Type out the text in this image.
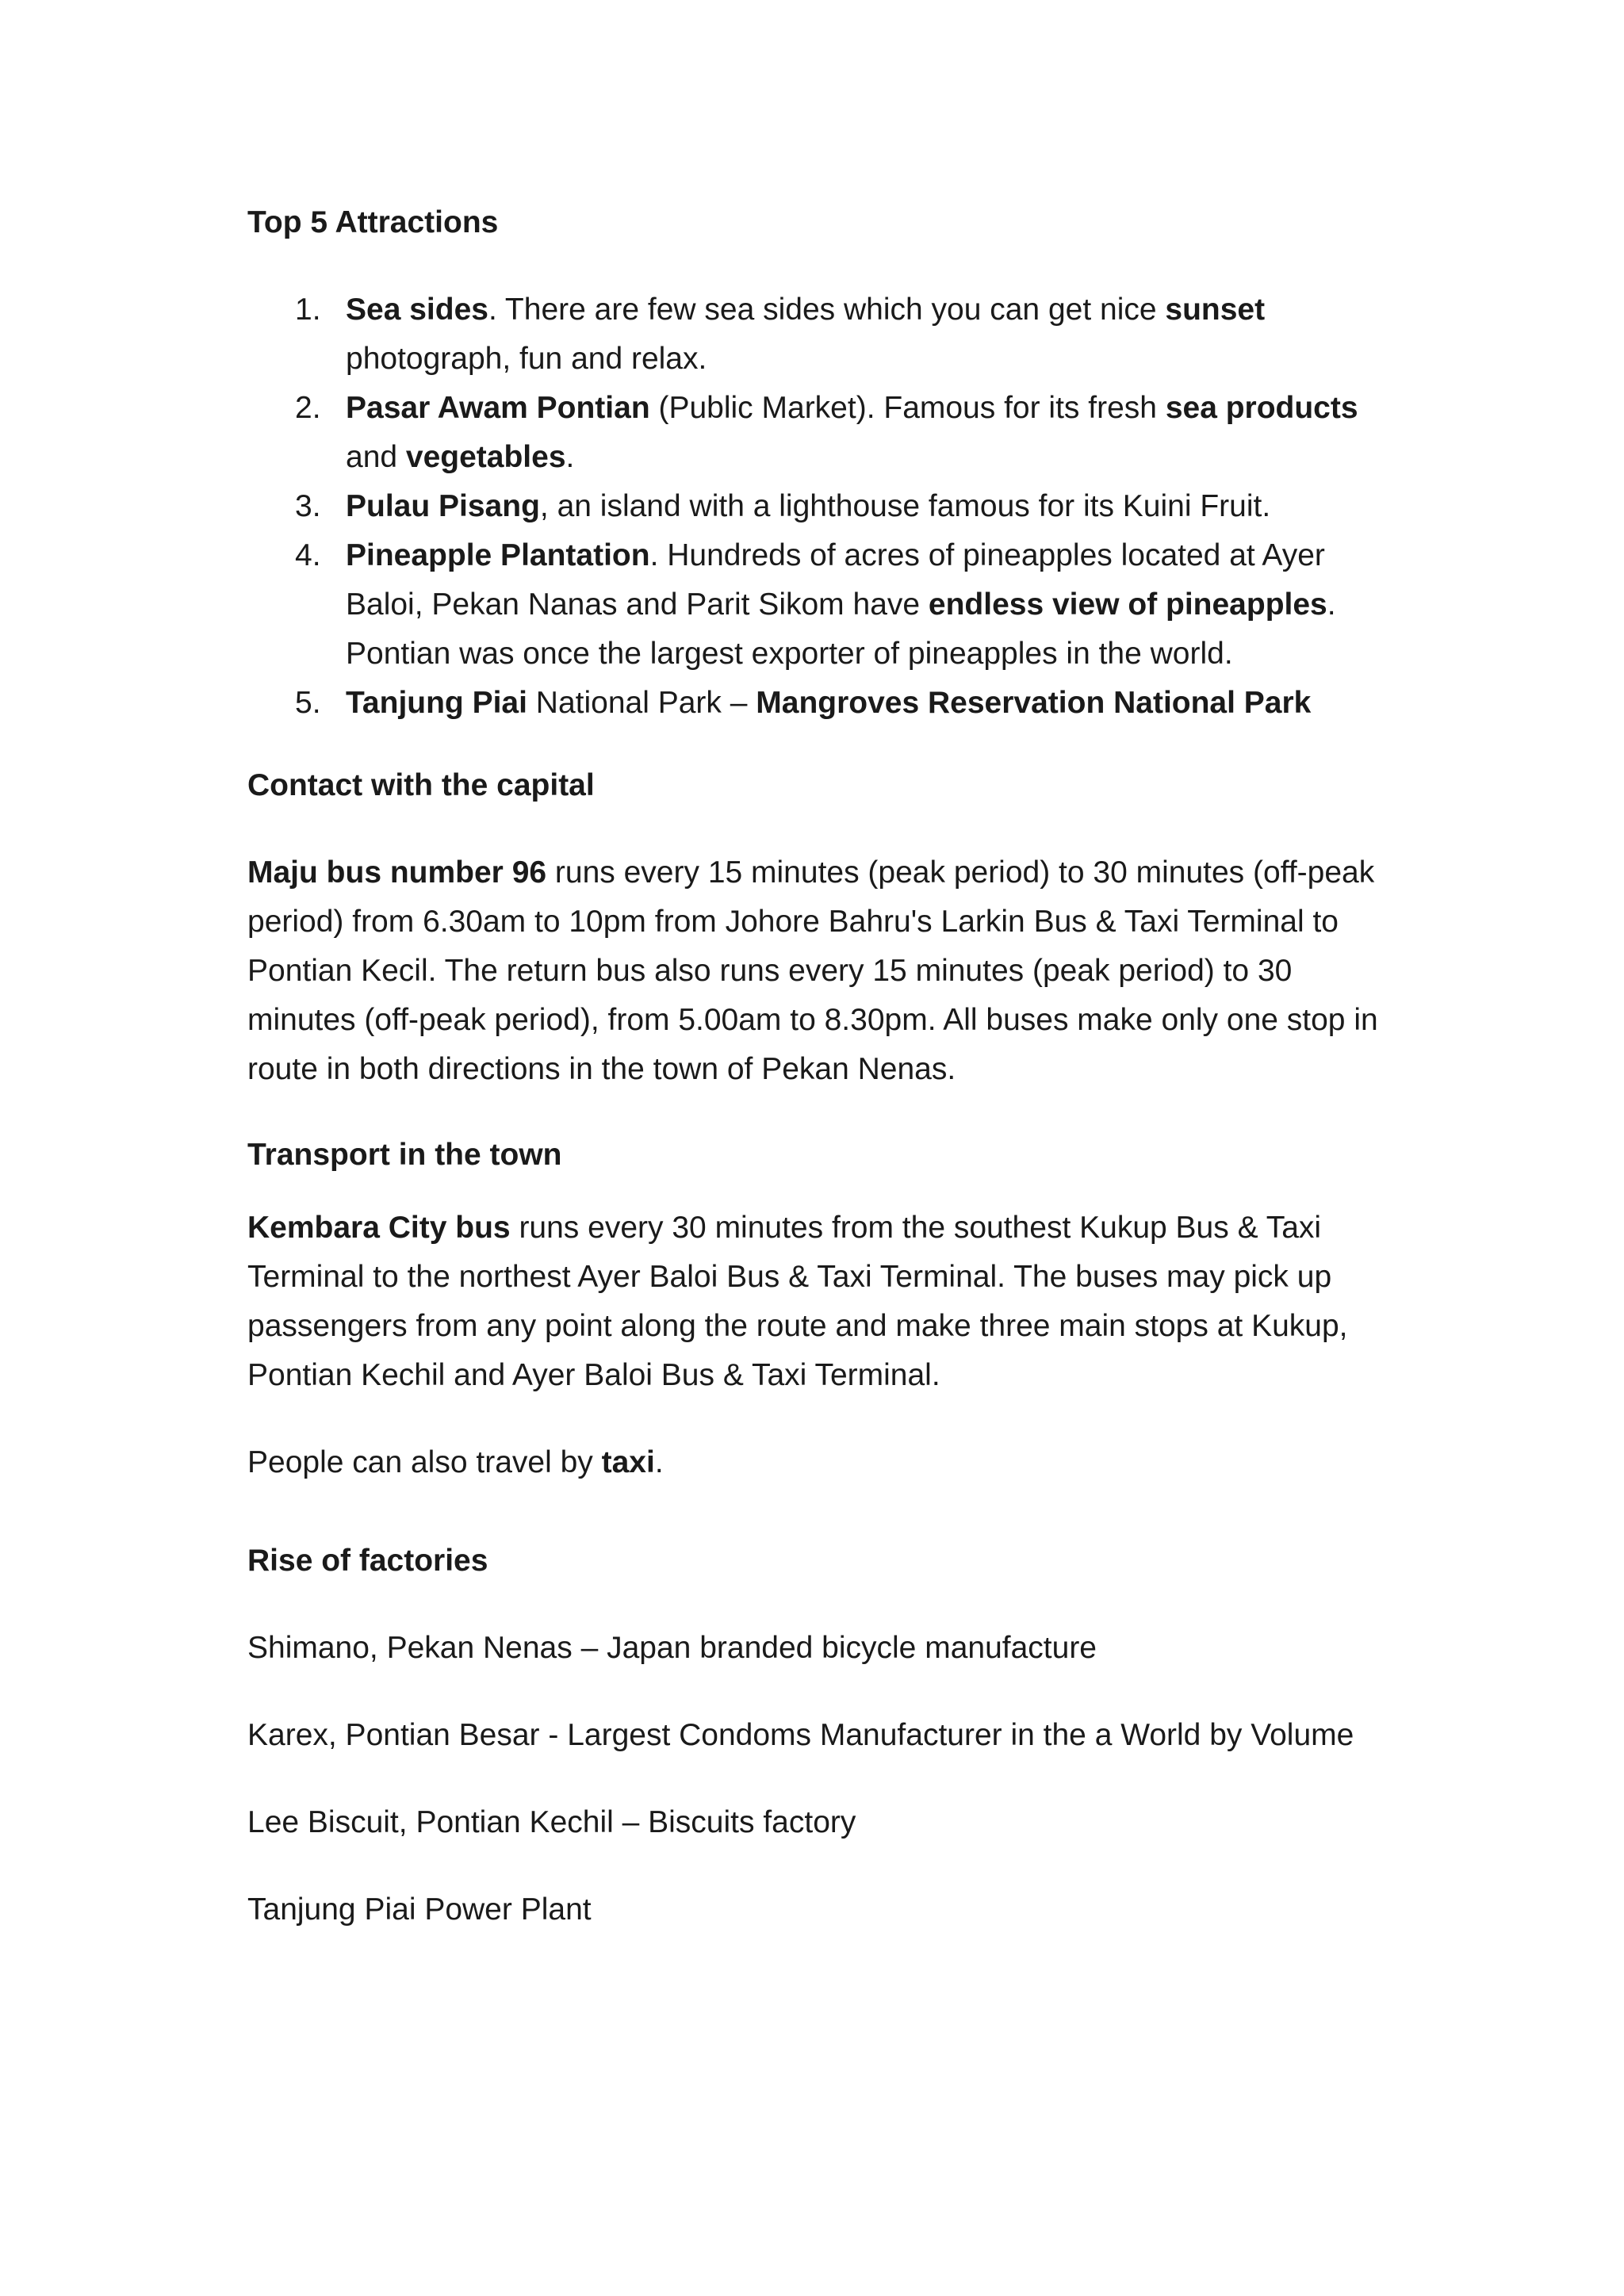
Top 5 Attractions

1. Sea sides. There are few sea sides which you can get nice sunset photograph, fun and relax.
2. Pasar Awam Pontian (Public Market). Famous for its fresh sea products and vegetables.
3. Pulau Pisang, an island with a lighthouse famous for its Kuini Fruit.
4. Pineapple Plantation. Hundreds of acres of pineapples located at Ayer Baloi, Pekan Nanas and Parit Sikom have endless view of pineapples. Pontian was once the largest exporter of pineapples in the world.
5. Tanjung Piai National Park – Mangroves Reservation National Park

Contact with the capital

Maju bus number 96 runs every 15 minutes (peak period) to 30 minutes (off-peak period) from 6.30am to 10pm from Johore Bahru's Larkin Bus & Taxi Terminal to Pontian Kecil. The return bus also runs every 15 minutes (peak period) to 30 minutes (off-peak period), from 5.00am to 8.30pm. All buses make only one stop in route in both directions in the town of Pekan Nenas.

Transport in the town

Kembara City bus runs every 30 minutes from the southest Kukup Bus & Taxi Terminal to the northest Ayer Baloi Bus & Taxi Terminal. The buses may pick up passengers from any point along the route and make three main stops at Kukup, Pontian Kechil and Ayer Baloi Bus & Taxi Terminal.

People can also travel by taxi.

Rise of factories

Shimano, Pekan Nenas – Japan branded bicycle manufacture

Karex, Pontian Besar - Largest Condoms Manufacturer in the a World by Volume

Lee Biscuit, Pontian Kechil – Biscuits factory

Tanjung Piai Power Plant
